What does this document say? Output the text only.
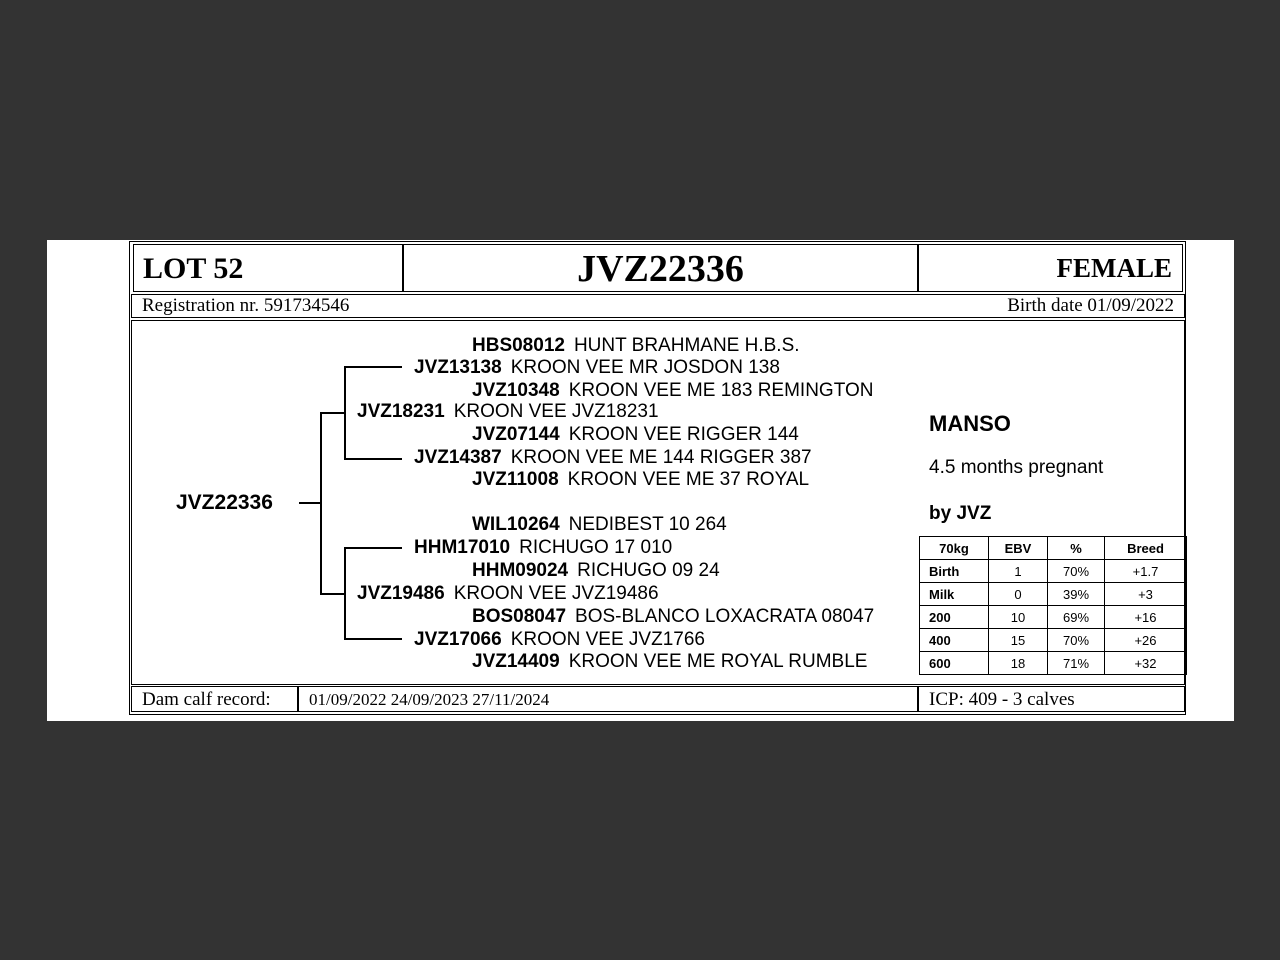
LOT 52	JVZ22336	FEMALE
Registration nr. 591734546	Birth date 01/09/2022
JVZ22336
HBS08012 HUNT BRAHMANE H.B.S.
JVZ13138 KROON VEE MR JOSDON 138
JVZ10348 KROON VEE ME 183 REMINGTON
JVZ18231 KROON VEE JVZ18231
JVZ07144 KROON VEE RIGGER 144
JVZ14387 KROON VEE ME 144 RIGGER 387
JVZ11008 KROON VEE ME 37 ROYAL
WIL10264 NEDIBEST 10 264
HHM17010 RICHUGO 17 010
HHM09024 RICHUGO 09 24
JVZ19486 KROON VEE JVZ19486
BOS08047 BOS-BLANCO LOXACRATA 08047
JVZ17066 KROON VEE JVZ1766
JVZ14409 KROON VEE ME ROYAL RUMBLE
MANSO
4.5 months pregnant
by JVZ
70kg	EBV	%	Breed
Birth	1	70%	+1.7
Milk	0	39%	+3
200	10	69%	+16
400	15	70%	+26
600	18	71%	+32
Dam calf record: 01/09/2022 24/09/2023 27/11/2024	ICP: 409 - 3 calves
